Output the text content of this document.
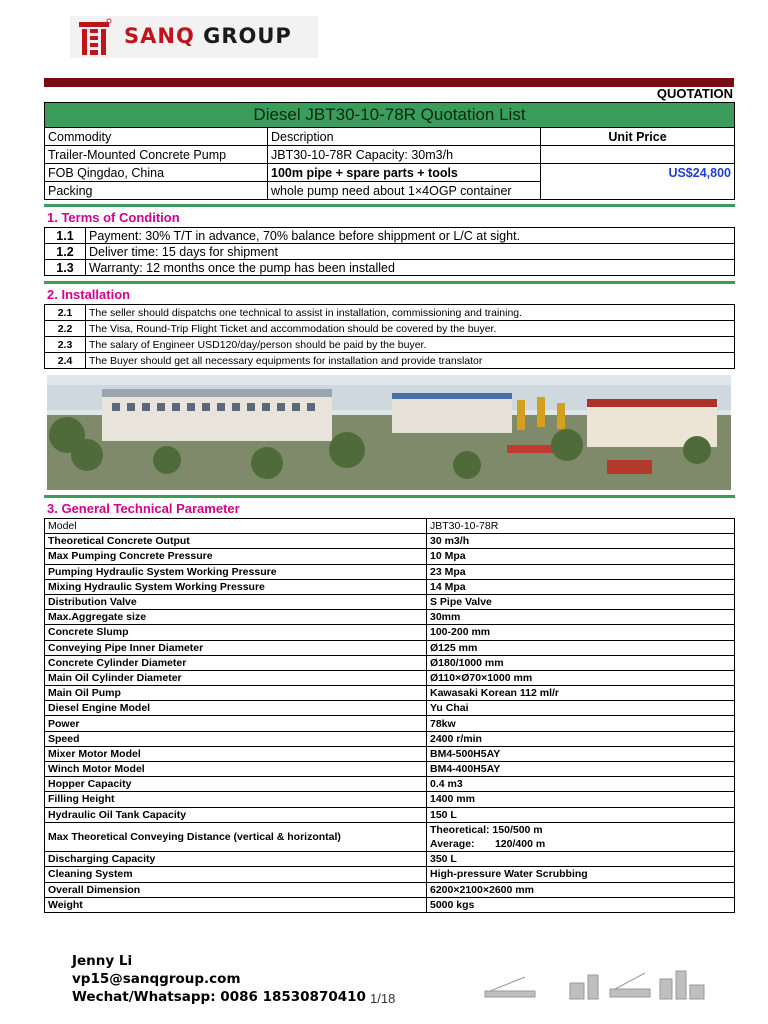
SANQ GROUP
QUOTATION
Diesel JBT30-10-78R Quotation List		
Commodity	Description	Unit Price
Trailer-Mounted Concrete Pump	JBT30-10-78R Capacity: 30m3/h	
FOB Qingdao, China	100m pipe + spare parts + tools	US$24,800
Packing	whole pump need about 1×4OGP container	
1. Terms of Condition
1.1	Payment: 30% T/T in advance, 70% balance before shippment or L/C at sight.
1.2	Deliver time: 15 days for shipment
1.3	Warranty: 12 months once the pump has been installed
2. Installation
2.1	The seller should dispatchs one technical to assist in installation, commissioning and training.
2.2	The Visa, Round-Trip Flight Ticket and accommodation should be covered by the buyer.
2.3	The salary of Engineer USD120/day/person should be paid by the buyer.
2.4	The Buyer should get all necessary equipments for installation and provide translator
3. General Technical Parameter
Model	JBT30-10-78R
Theoretical Concrete Output	30 m3/h
Max Pumping Concrete Pressure	10 Mpa
Pumping Hydraulic System Working Pressure	23 Mpa
Mixing Hydraulic System Working Pressure	14 Mpa
Distribution Valve	S Pipe Valve
Max.Aggregate size	30mm
Concrete Slump	100-200 mm
Conveying Pipe Inner Diameter	Ø125 mm
Concrete Cylinder Diameter	Ø180/1000 mm
Main Oil Cylinder Diameter	Ø110×Ø70×1000 mm
Main Oil Pump	Kawasaki Korean 112 ml/r
Diesel Engine Model	Yu Chai
Power	78kw
Speed	2400 r/min
Mixer Motor Model	BM4-500H5AY
Winch Motor Model	BM4-400H5AY
Hopper Capacity	0.4 m3
Filling Height	1400 mm
Hydraulic Oil Tank Capacity	150 L
Max Theoretical Conveying Distance (vertical & horizontal)	Theoretical: 150/500 m
	Average:       120/400 m
Discharging Capacity	350 L
Cleaning System	High-pressure Water Scrubbing
Overall Dimension	6200×2100×2600 mm
Weight	5000 kgs
Jenny Li
vp15@sanqgroup.com
Wechat/Whatsapp: 0086 18530870410 1/18
